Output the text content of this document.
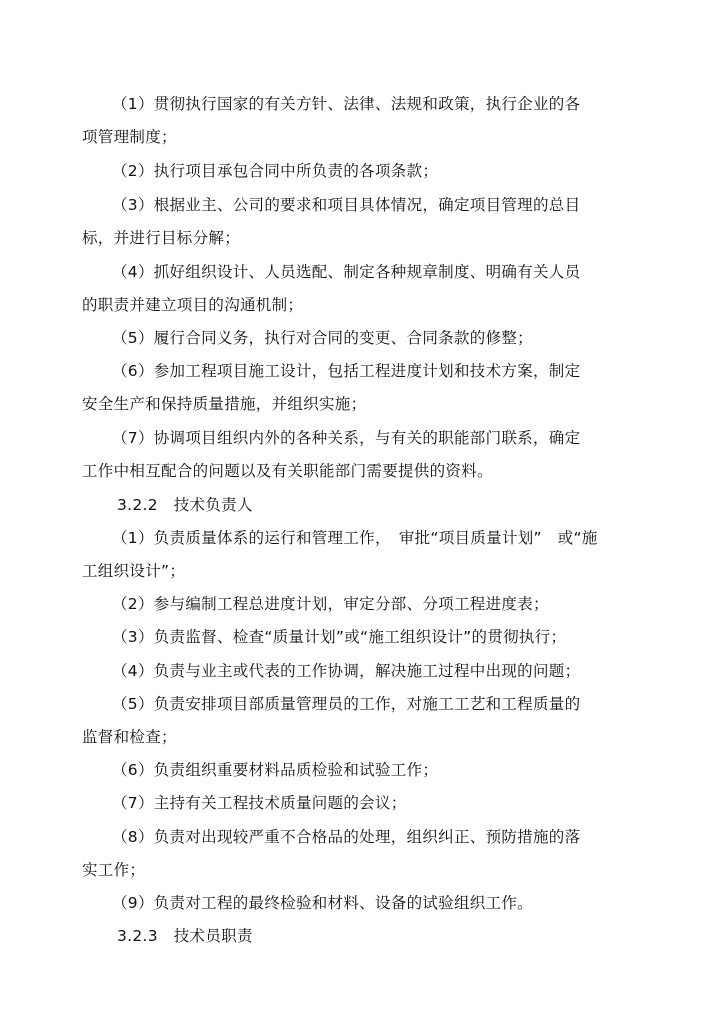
（1）贯彻执行国家的有关方针、法律、法规和政策，执行企业的各
项管理制度；
（2）执行项目承包合同中所负责的各项条款；
（3）根据业主、公司的要求和项目具体情况，确定项目管理的总目
标，并进行目标分解；
（4）抓好组织设计、人员选配、制定各种规章制度、明确有关人员
的职责并建立项目的沟通机制；
（5）履行合同义务，执行对合同的变更、合同条款的修整；
（6）参加工程项目施工设计，包括工程进度计划和技术方案，制定
安全生产和保持质量措施，并组织实施；
（7）协调项目组织内外的各种关系，与有关的职能部门联系，确定
工作中相互配合的问题以及有关职能部门需要提供的资料。
3.2.2　技术负责人
（1）负责质量体系的运行和管理工作，　审批“项目质量计划”　或“施
工组织设计”；
（2）参与编制工程总进度计划，审定分部、分项工程进度表；
（3）负责监督、检查“质量计划”或“施工组织设计”的贯彻执行；
（4）负责与业主或代表的工作协调，解决施工过程中出现的问题；
（5）负责安排项目部质量管理员的工作，对施工工艺和工程质量的
监督和检查；
（6）负责组织重要材料品质检验和试验工作；
（7）主持有关工程技术质量问题的会议；
（8）负责对出现较严重不合格品的处理，组织纠正、预防措施的落
实工作；
（9）负责对工程的最终检验和材料、设备的试验组织工作。
3.2.3　技术员职责
